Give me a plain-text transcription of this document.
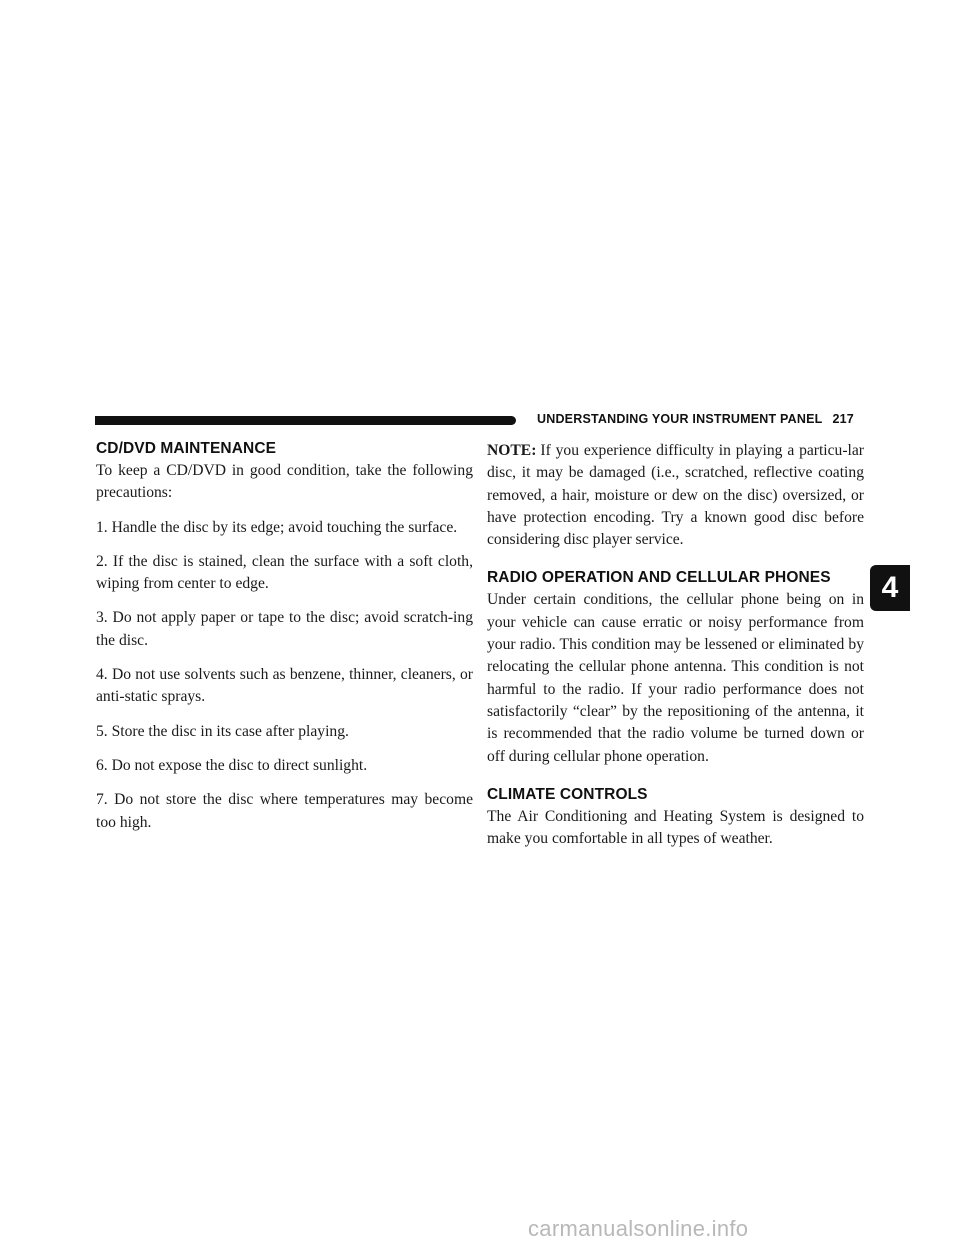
UNDERSTANDING YOUR INSTRUMENT PANEL 217
CD/DVD MAINTENANCE

To keep a CD/DVD in good condition, take the following precautions:

1. Handle the disc by its edge; avoid touching the surface.

2. If the disc is stained, clean the surface with a soft cloth, wiping from center to edge.

3. Do not apply paper or tape to the disc; avoid scratch-ing the disc.

4. Do not use solvents such as benzene, thinner, cleaners, or anti-static sprays.

5. Store the disc in its case after playing.

6. Do not expose the disc to direct sunlight.

7. Do not store the disc where temperatures may become too high.

NOTE: If you experience difficulty in playing a particu-lar disc, it may be damaged (i.e., scratched, reflective coating removed, a hair, moisture or dew on the disc) oversized, or have protection encoding. Try a known good disc before considering disc player service.

RADIO OPERATION AND CELLULAR PHONES

Under certain conditions, the cellular phone being on in your vehicle can cause erratic or noisy performance from your radio. This condition may be lessened or eliminated by relocating the cellular phone antenna. This condition is not harmful to the radio. If your radio performance does not satisfactorily “clear” by the repositioning of the antenna, it is recommended that the radio volume be turned down or off during cellular phone operation.

CLIMATE CONTROLS

The Air Conditioning and Heating System is designed to make you comfortable in all types of weather.

4
carmanualsonline.info
